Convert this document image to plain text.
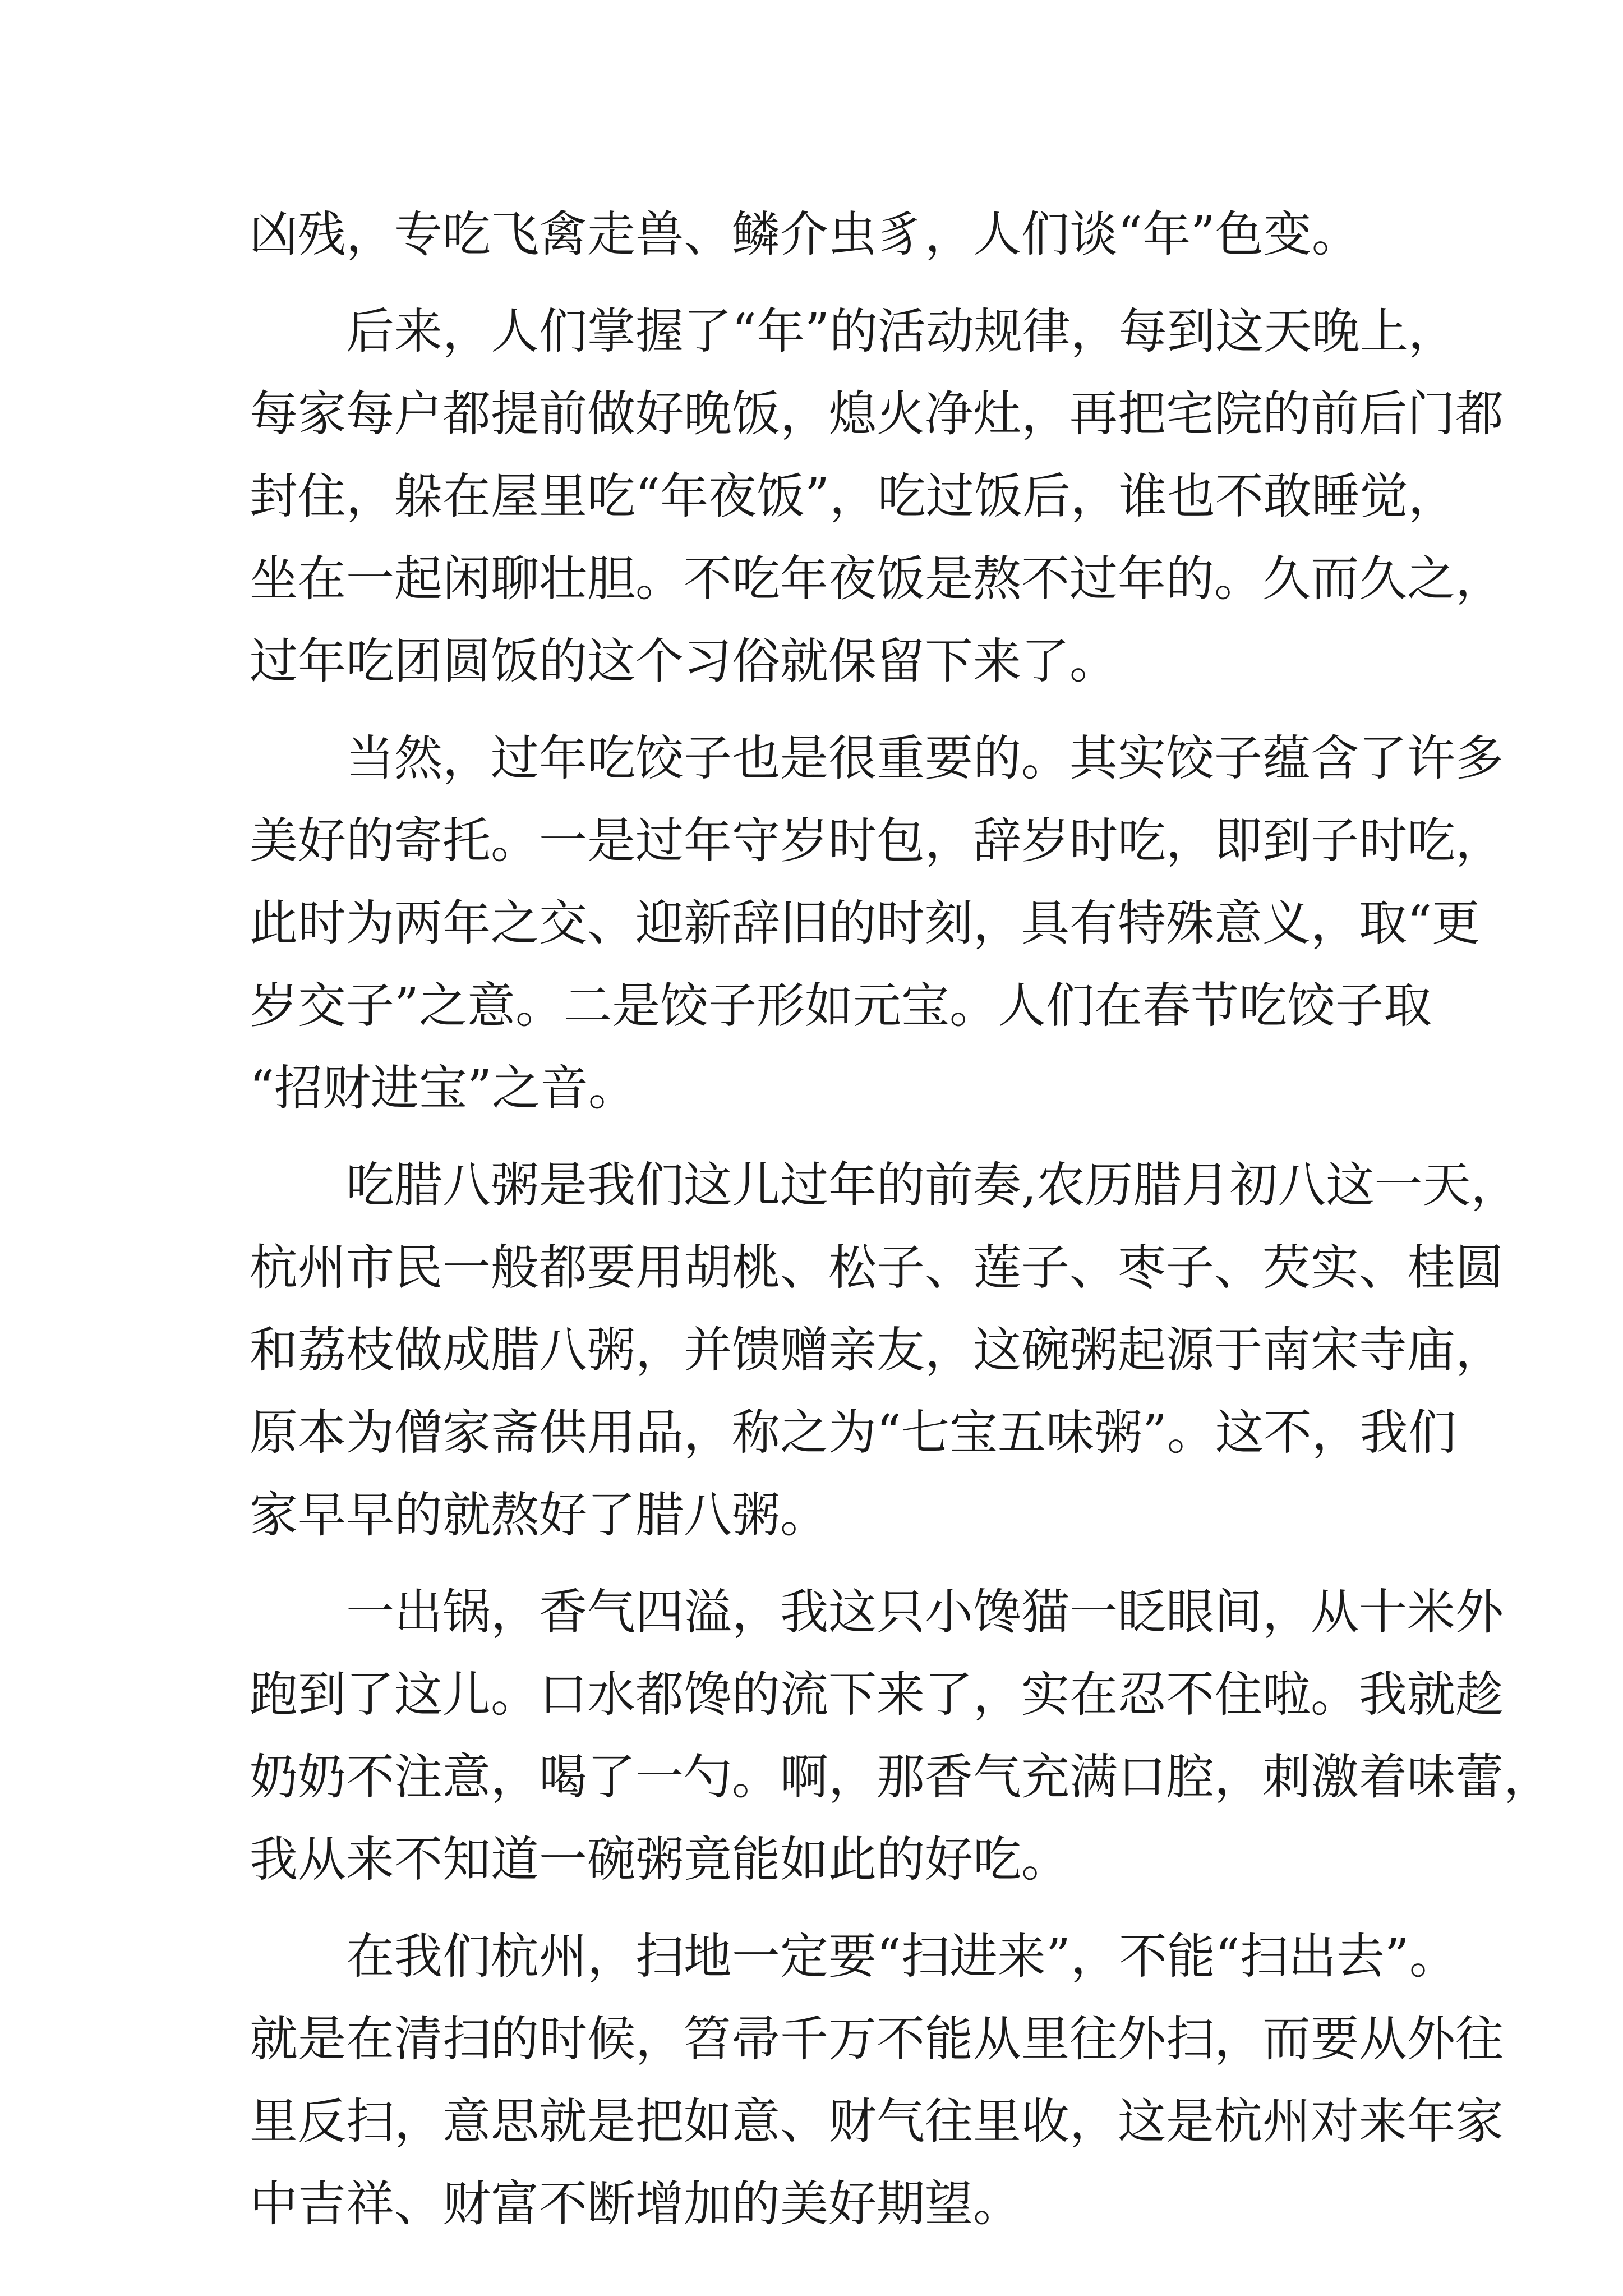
凶残，专吃飞禽走兽、鳞介虫豸，人们谈“年”色变。
后来，人们掌握了“年”的活动规律，每到这天晚上，
每家每户都提前做好晚饭，熄火净灶，再把宅院的前后门都
封住，躲在屋里吃“年夜饭”，吃过饭后，谁也不敢睡觉，
坐在一起闲聊壮胆。不吃年夜饭是熬不过年的。久而久之，
过年吃团圆饭的这个习俗就保留下来了。
当然，过年吃饺子也是很重要的。其实饺子蕴含了许多
美好的寄托。一是过年守岁时包，辞岁时吃，即到子时吃，
此时为两年之交、迎新辞旧的时刻，具有特殊意义，取“更
岁交子”之意。二是饺子形如元宝。人们在春节吃饺子取
“招财进宝”之音。
吃腊八粥是我们这儿过年的前奏,农历腊月初八这一天，
杭州市民一般都要用胡桃、松子、莲子、枣子、芡实、桂圆
和荔枝做成腊八粥，并馈赠亲友，这碗粥起源于南宋寺庙，
原本为僧家斋供用品，称之为“七宝五味粥”。这不，我们
家早早的就熬好了腊八粥。
一出锅，香气四溢，我这只小馋猫一眨眼间，从十米外
跑到了这儿。口水都馋的流下来了，实在忍不住啦。我就趁
奶奶不注意，喝了一勺。啊，那香气充满口腔，刺激着味蕾，
我从来不知道一碗粥竟能如此的好吃。
在我们杭州，扫地一定要“扫进来”，不能“扫出去”。
就是在清扫的时候，笤帚千万不能从里往外扫，而要从外往
里反扫，意思就是把如意、财气往里收，这是杭州对来年家
中吉祥、财富不断增加的美好期望。
